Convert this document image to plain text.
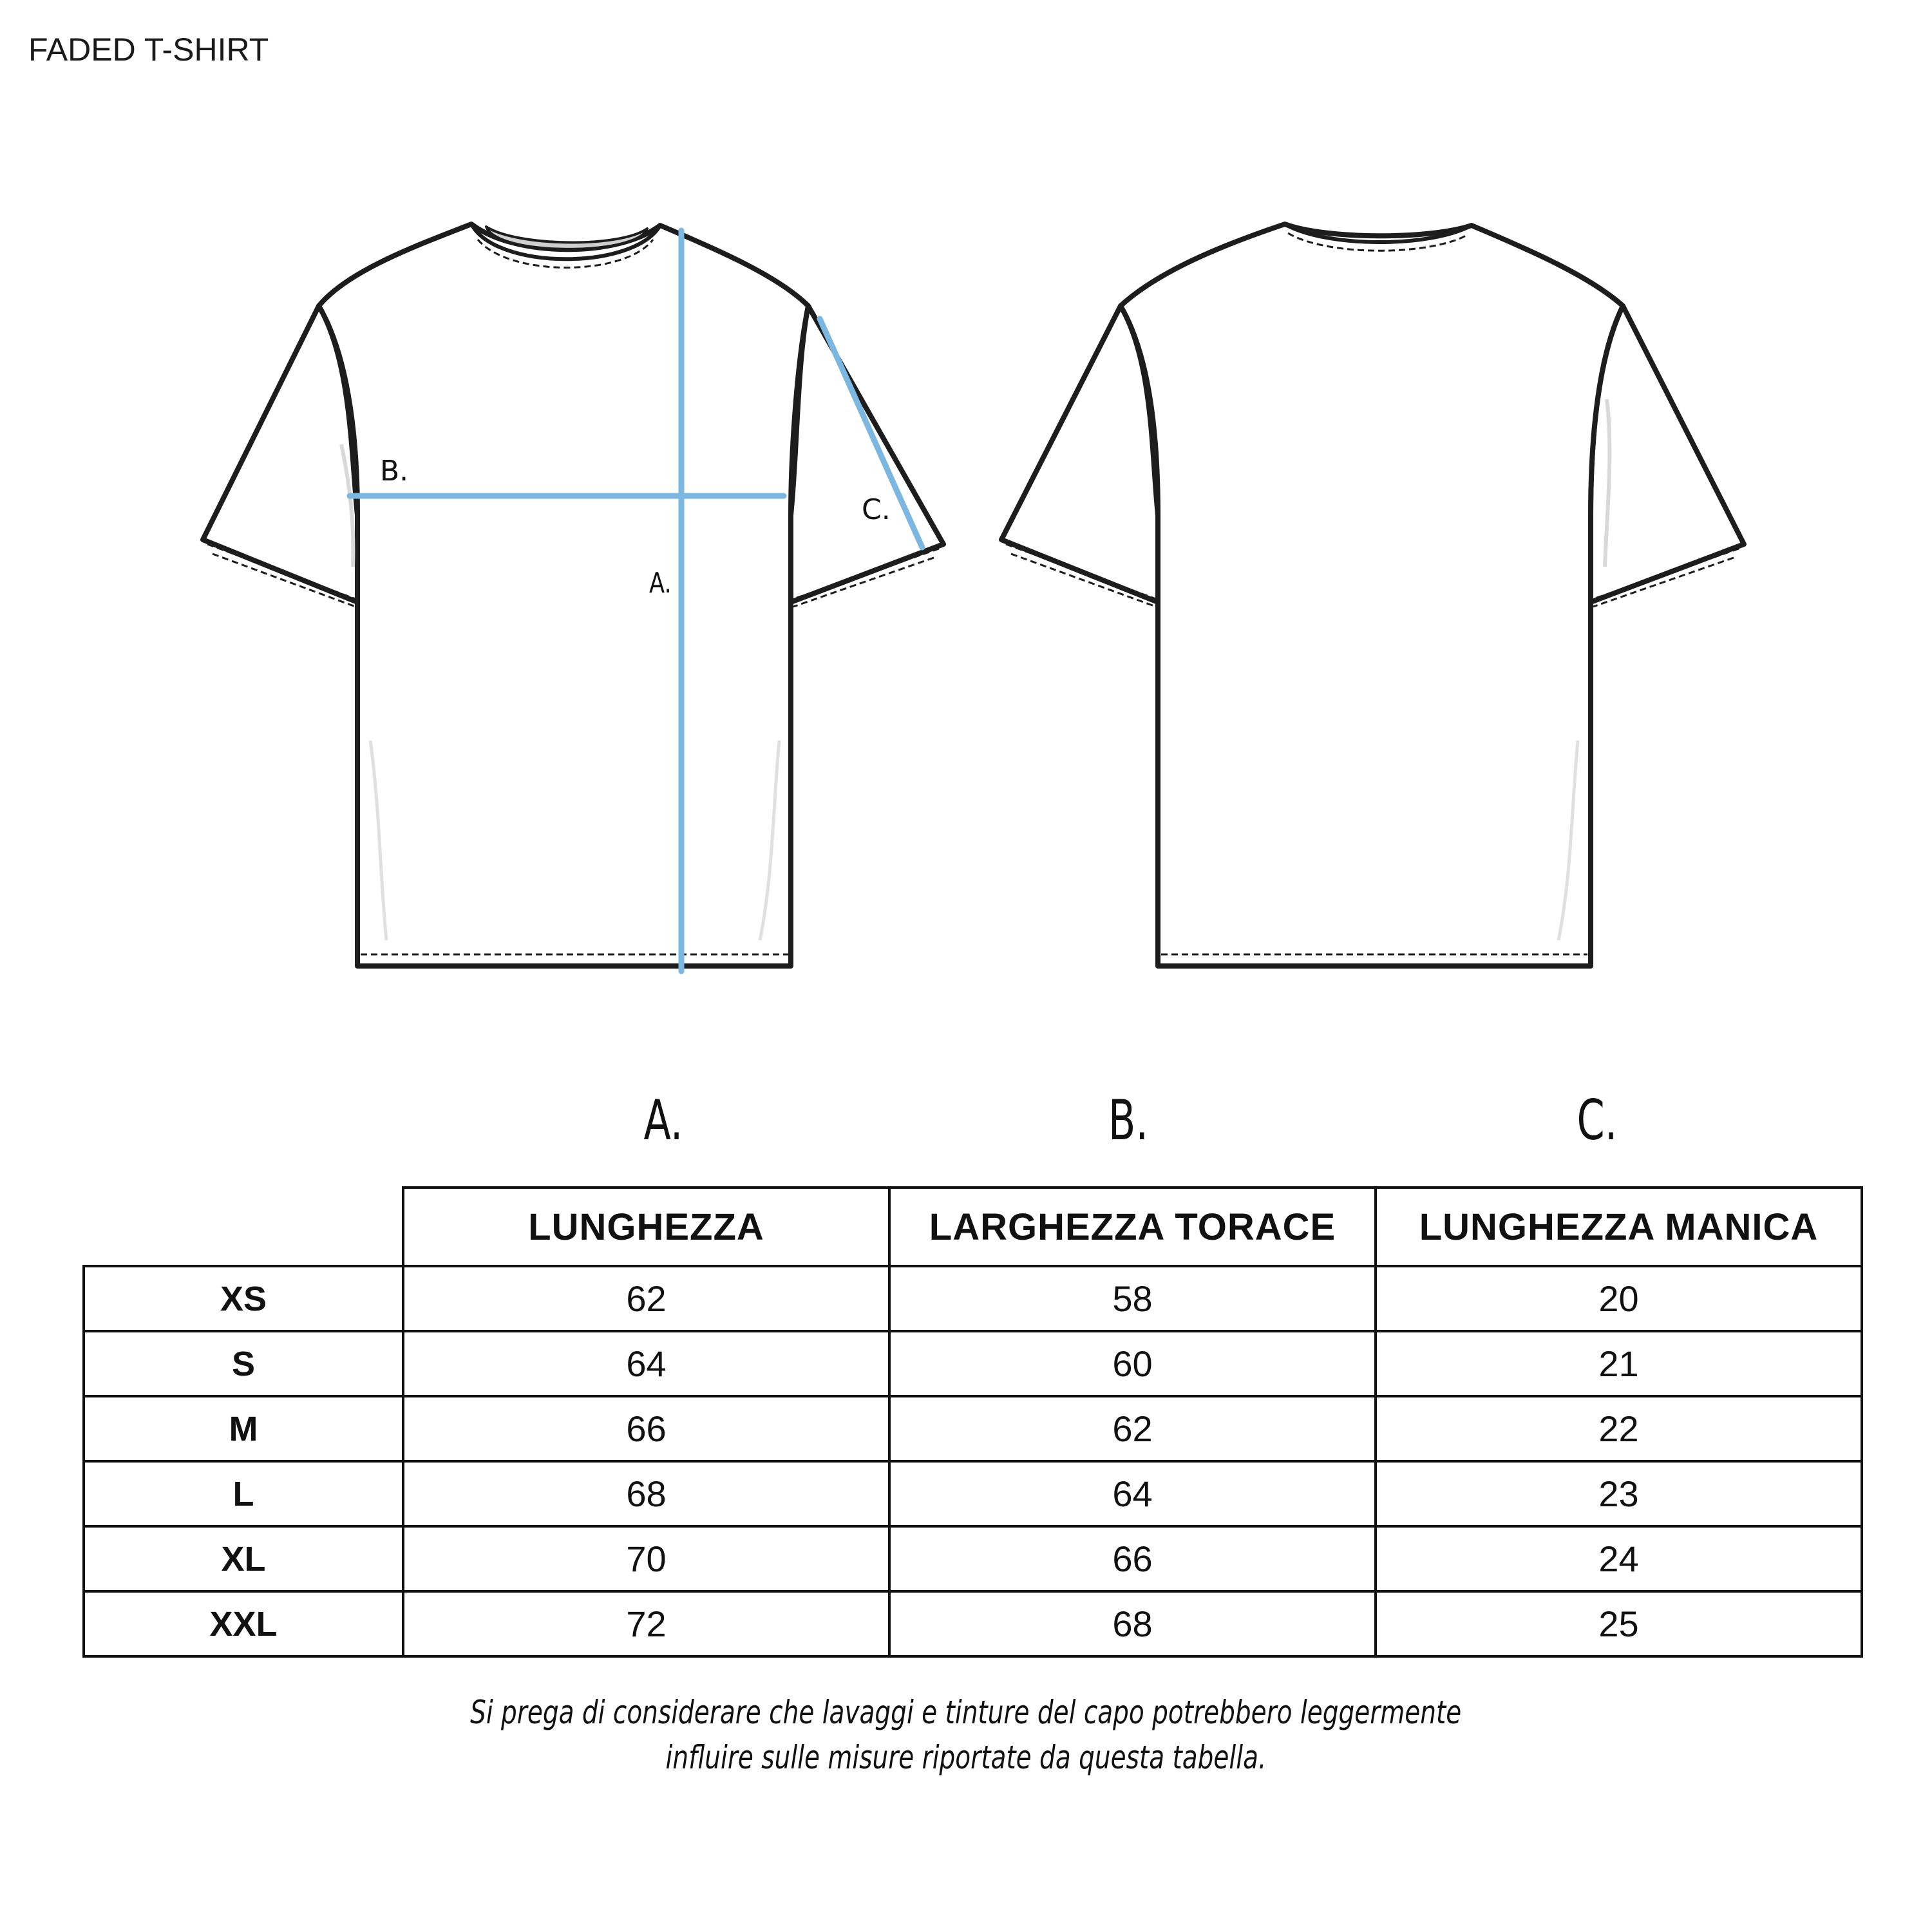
FADED T-SHIRT
A.
B.
C.
A.	B.	C.
	LUNGHEZZA	LARGHEZZA TORACE	LUNGHEZZA MANICA
XS	62	58	20
S	64	60	21
M	66	62	22
L	68	64	23
XL	70	66	24
XXL	72	68	25
Si prega di considerare che lavaggi e tinture del capo potrebbero leggermente
influire sulle misure riportate da questa tabella.
